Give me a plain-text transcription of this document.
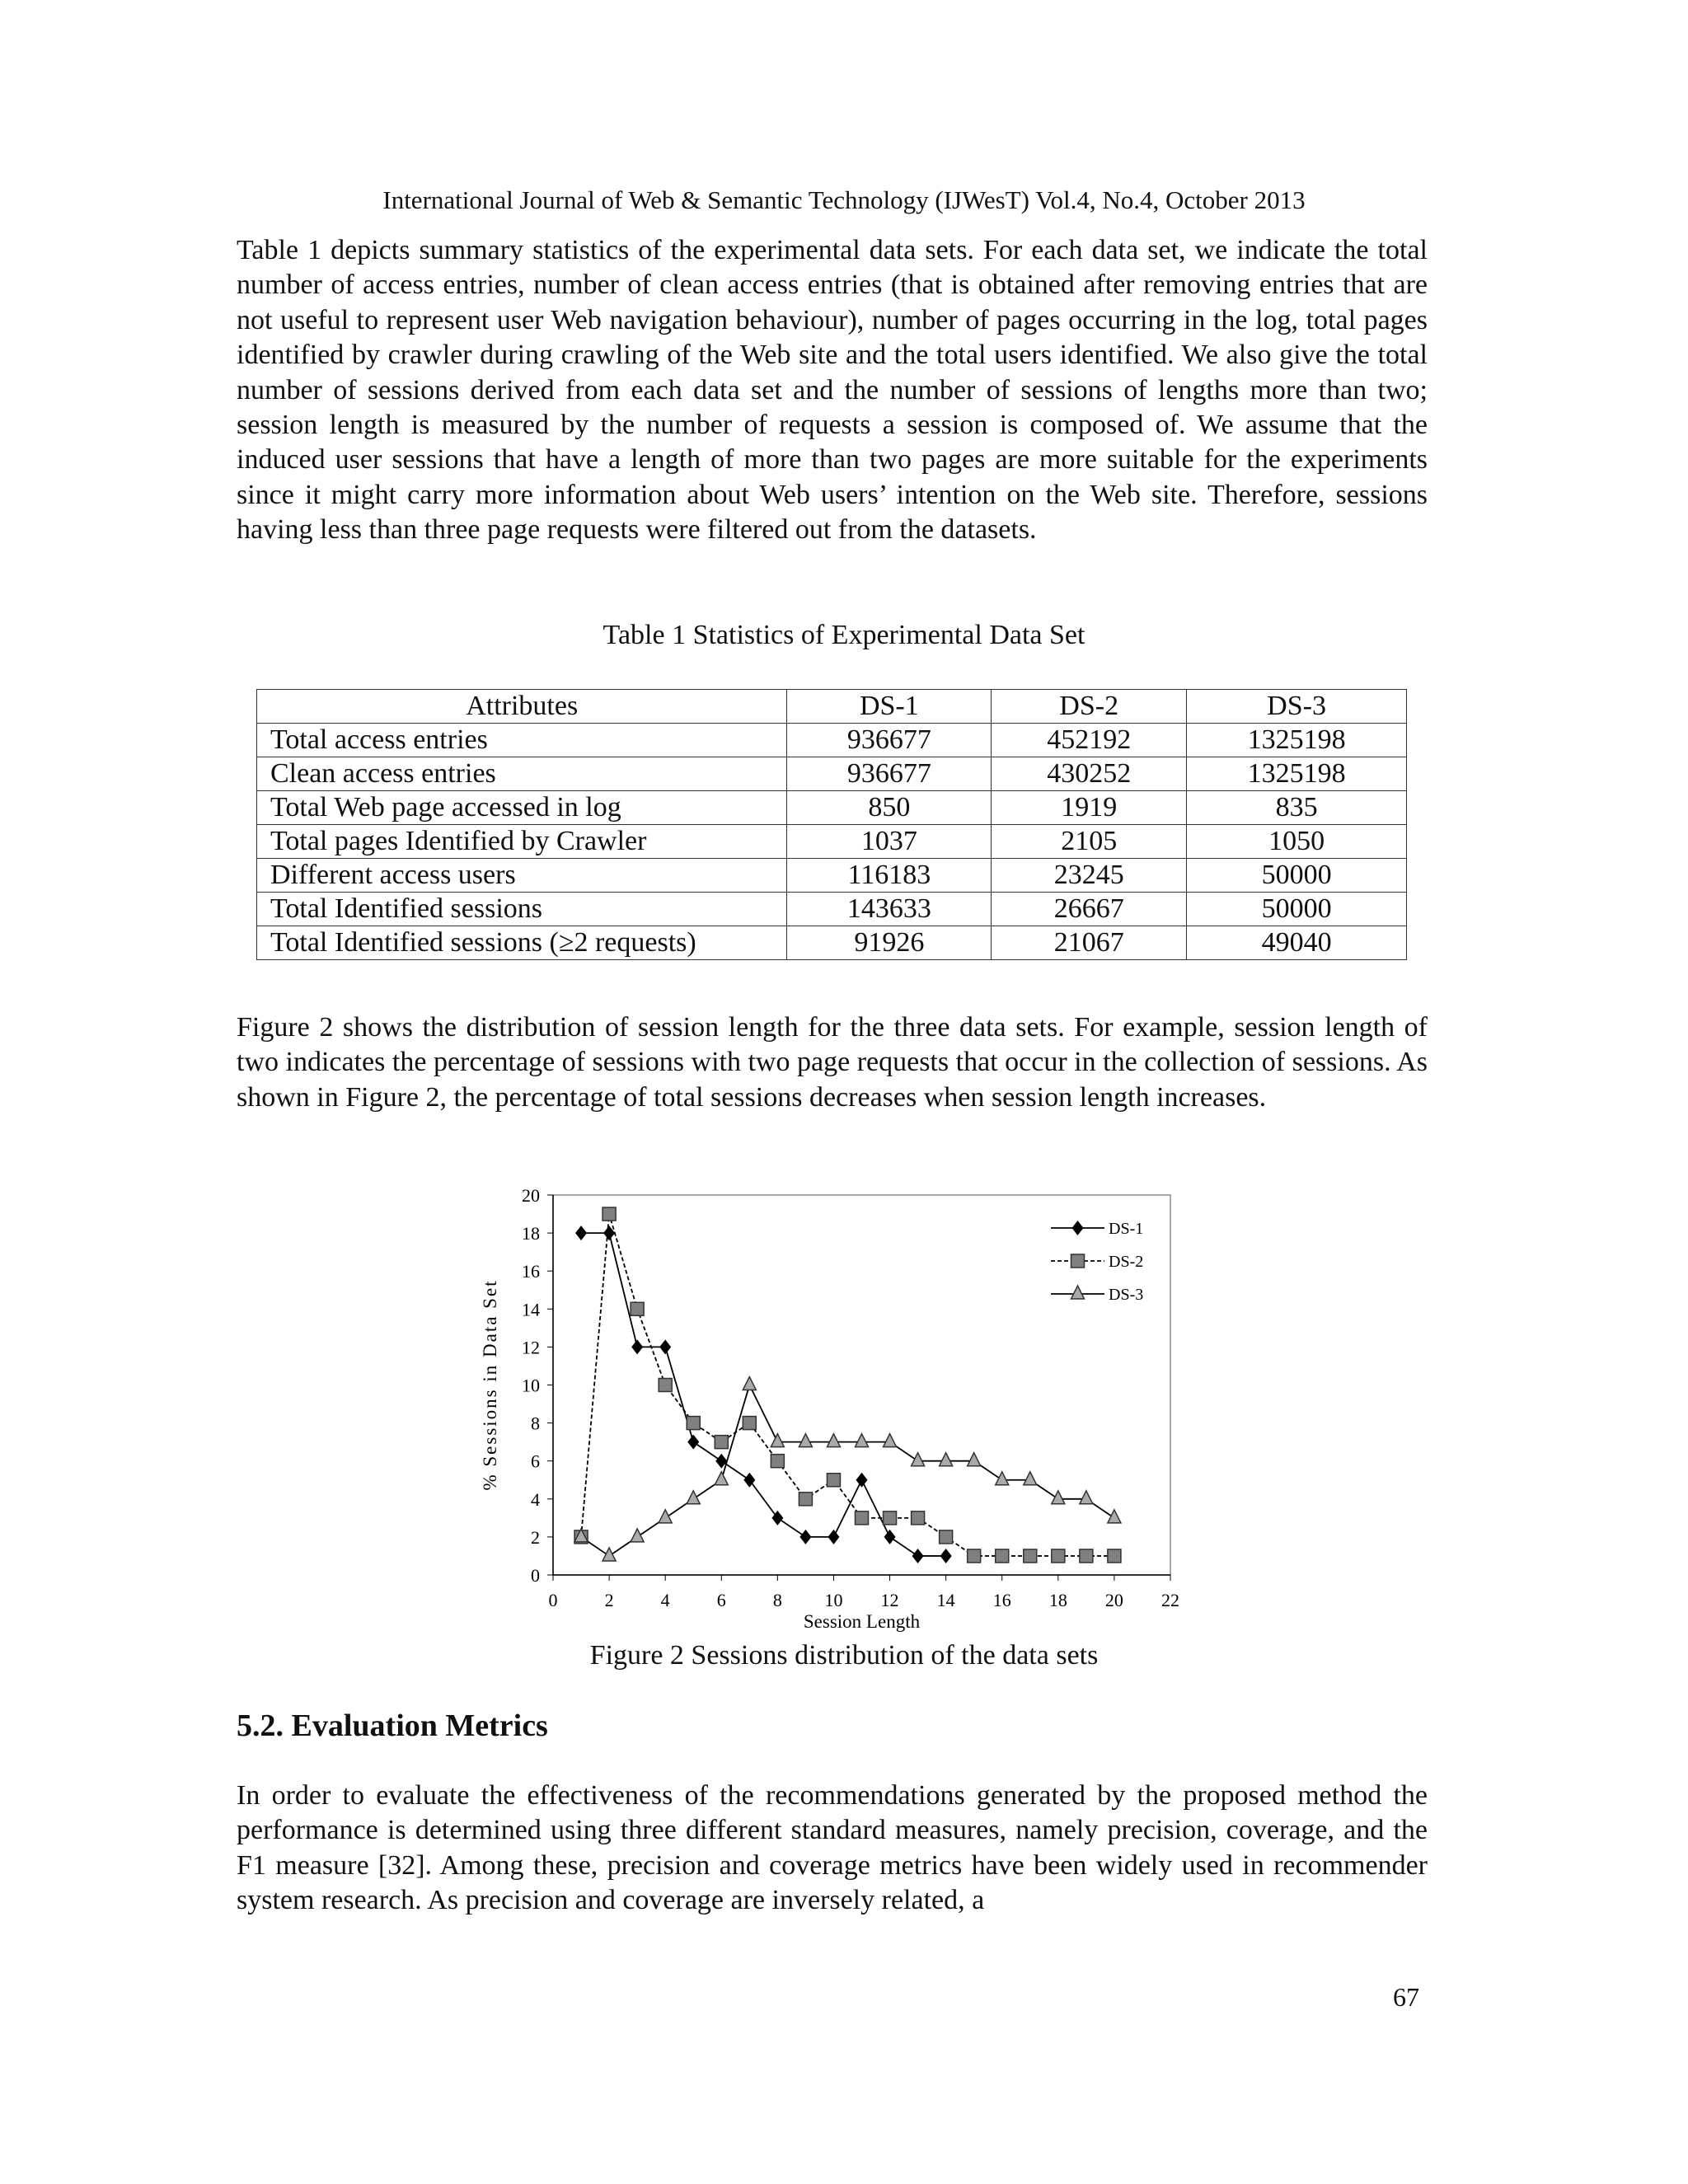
International Journal of Web & Semantic Technology (IJWesT) Vol.4, No.4, October 2013
Table 1 depicts summary statistics of the experimental data sets. For each data set, we indicate the total number of access entries, number of clean access entries (that is obtained after removing entries that are not useful to represent user Web navigation behaviour), number of pages occurring in the log, total pages identified by crawler during crawling of the Web site and the total users identified. We also give the total number of sessions derived from each data set and the number of sessions of lengths more than two; session length is measured by the number of requests a session is composed of. We assume that the induced user sessions that have a length of more than two pages are more suitable for the experiments since it might carry more information about Web users’ intention on the Web site. Therefore, sessions having less than three page requests were filtered out from the datasets.
Table 1 Statistics of Experimental Data Set
Attributes	DS-1	DS-2	DS-3
Total access entries	936677	452192	1325198
Clean access entries	936677	430252	1325198
Total Web page accessed in log	850	1919	835
Total pages Identified by Crawler	1037	2105	1050
Different access users	116183	23245	50000
Total Identified sessions	143633	26667	50000
Total Identified sessions (≥2 requests)	91926	21067	49040
Figure 2 shows the distribution of session length for the three data sets. For example, session length of two indicates the percentage of sessions with two page requests that occur in the collection of sessions. As shown in Figure 2, the percentage of total sessions decreases when session length increases.
0	2	4	6	8 10 12 14 16 18 20 22
0
2
4
6
8
10
12
14
16
18
20
Session Length
% Sessions in Data Set
DS-1
DS-2
DS-3
Figure 2 Sessions distribution of the data sets
5.2. Evaluation Metrics
In order to evaluate the effectiveness of the recommendations generated by the proposed method the performance is determined using three different standard measures, namely precision, coverage, and the F1 measure [32]. Among these, precision and coverage metrics have been widely used in recommender system research. As precision and coverage are inversely related, a
67
